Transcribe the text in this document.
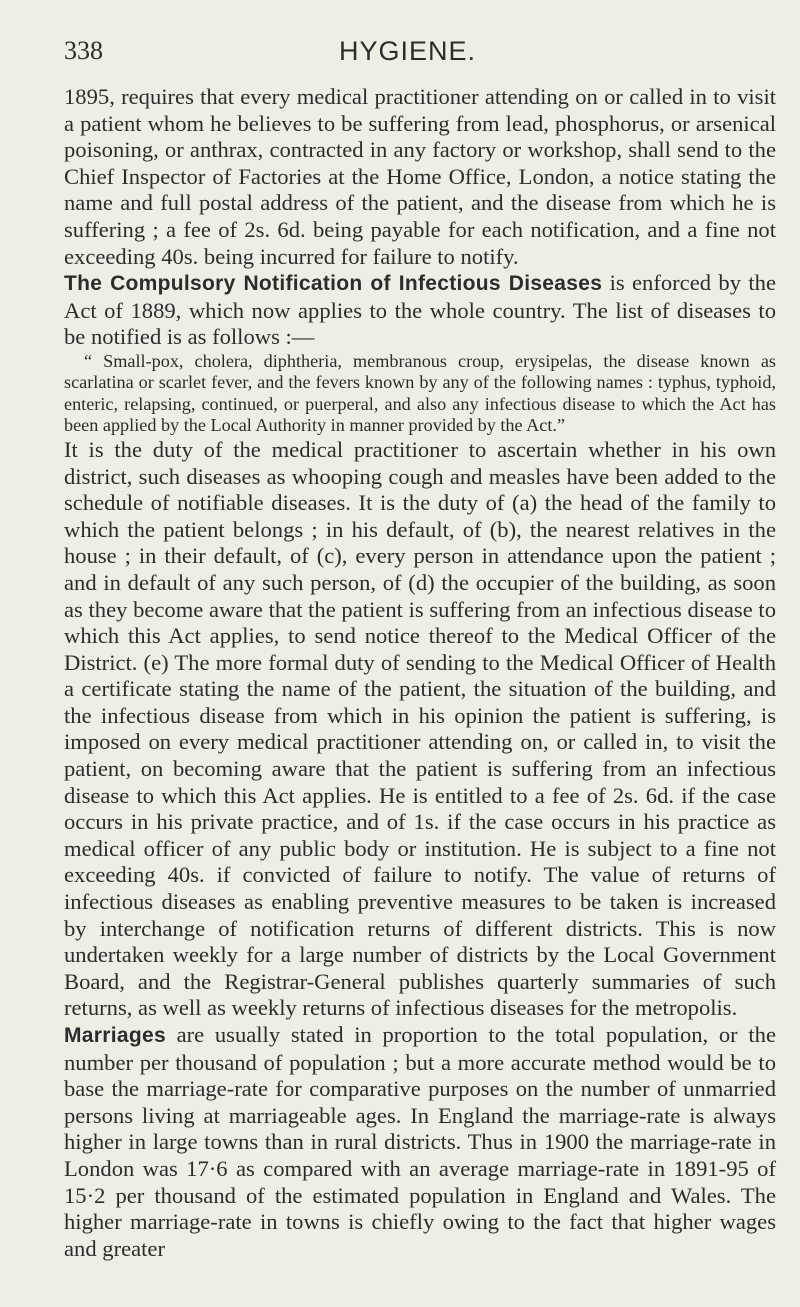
338	HYGIENE.

1895, requires that every medical practitioner attending on or called in to visit a patient whom he believes to be suffering from lead, phosphorus, or arsenical poisoning, or anthrax, contracted in any factory or workshop, shall send to the Chief Inspector of Factories at the Home Office, London, a notice stating the name and full postal address of the patient, and the disease from which he is suffering ; a fee of 2s. 6d. being payable for each notification, and a fine not exceeding 40s. being incurred for failure to notify.

The Compulsory Notification of Infectious Diseases is enforced by the Act of 1889, which now applies to the whole country. The list of diseases to be notified is as follows :—

“ Small-pox, cholera, diphtheria, membranous croup, erysipelas, the disease known as scarlatina or scarlet fever, and the fevers known by any of the following names : typhus, typhoid, enteric, relapsing, continued, or puerperal, and also any infectious disease to which the Act has been applied by the Local Authority in manner provided by the Act.”

It is the duty of the medical practitioner to ascertain whether in his own district, such diseases as whooping cough and measles have been added to the schedule of notifiable diseases. It is the duty of (a) the head of the family to which the patient belongs ; in his default, of (b), the nearest relatives in the house ; in their default, of (c), every person in attendance upon the patient ; and in default of any such person, of (d) the occupier of the building, as soon as they become aware that the patient is suffering from an infectious disease to which this Act applies, to send notice thereof to the Medical Officer of the District. (e) The more formal duty of sending to the Medical Officer of Health a certificate stating the name of the patient, the situation of the building, and the infectious disease from which in his opinion the patient is suffering, is imposed on every medical practitioner attending on, or called in, to visit the patient, on becoming aware that the patient is suffering from an infectious disease to which this Act applies. He is entitled to a fee of 2s. 6d. if the case occurs in his private practice, and of 1s. if the case occurs in his practice as medical officer of any public body or institution. He is subject to a fine not exceeding 40s. if convicted of failure to notify. The value of returns of infectious diseases as enabling preventive measures to be taken is increased by interchange of notification returns of different districts. This is now undertaken weekly for a large number of districts by the Local Government Board, and the Registrar-General publishes quarterly summaries of such returns, as well as weekly returns of infectious diseases for the metropolis.

Marriages are usually stated in proportion to the total population, or the number per thousand of population ; but a more accurate method would be to base the marriage-rate for comparative purposes on the number of unmarried persons living at marriageable ages. In England the marriage-rate is always higher in large towns than in rural districts. Thus in 1900 the marriage-rate in London was 17·6 as compared with an average marriage-rate in 1891-95 of 15·2 per thousand of the estimated population in England and Wales. The higher marriage-rate in towns is chiefly owing to the fact that higher wages and greater
